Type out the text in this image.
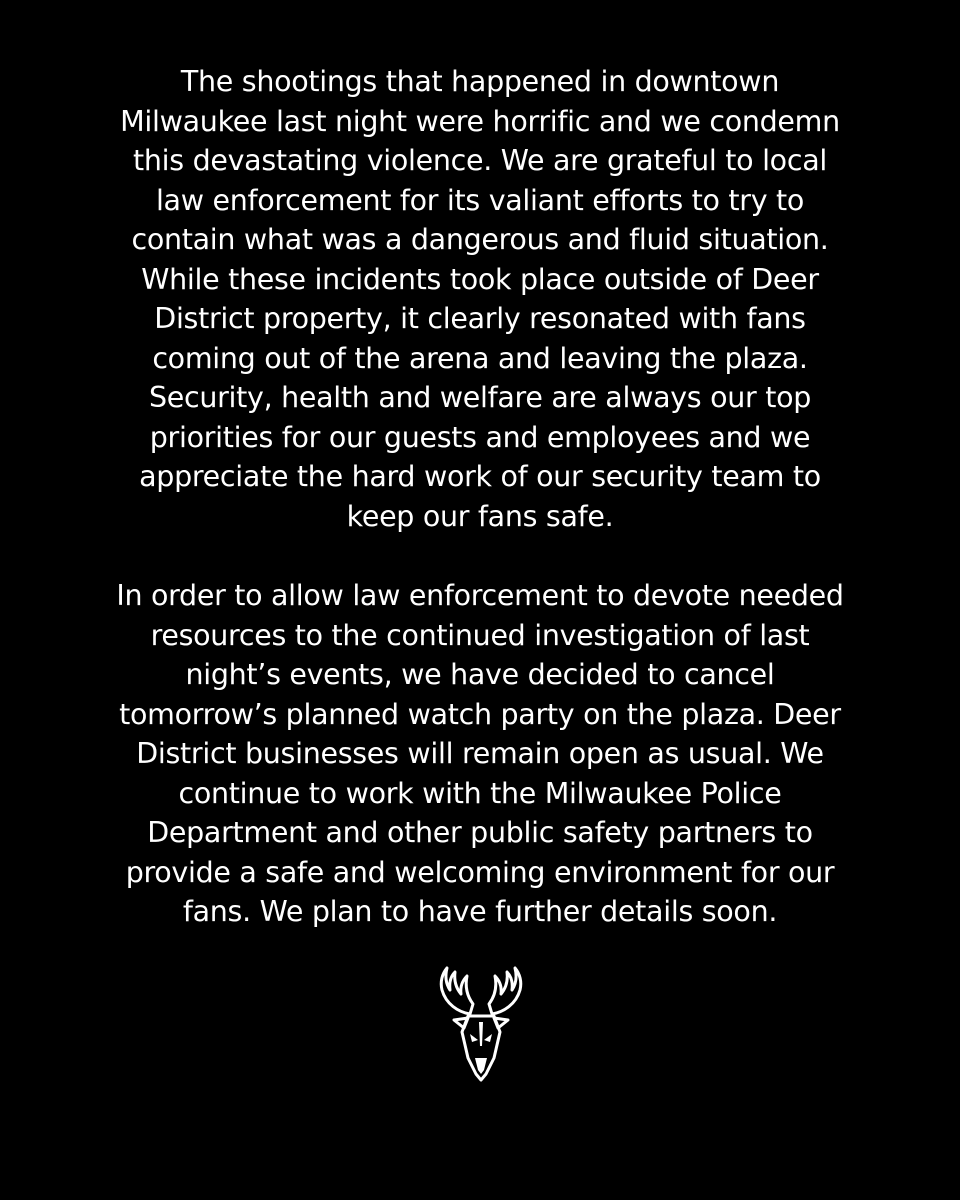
The shootings that happened in downtown
Milwaukee last night were horrific and we condemn
this devastating violence. We are grateful to local
law enforcement for its valiant efforts to try to
contain what was a dangerous and fluid situation.
While these incidents took place outside of Deer
District property, it clearly resonated with fans
coming out of the arena and leaving the plaza.
Security, health and welfare are always our top
priorities for our guests and employees and we
appreciate the hard work of our security team to
keep our fans safe.

In order to allow law enforcement to devote needed
resources to the continued investigation of last
night’s events, we have decided to cancel
tomorrow’s planned watch party on the plaza. Deer
District businesses will remain open as usual. We
continue to work with the Milwaukee Police
Department and other public safety partners to
provide a safe and welcoming environment for our
fans. We plan to have further details soon.
